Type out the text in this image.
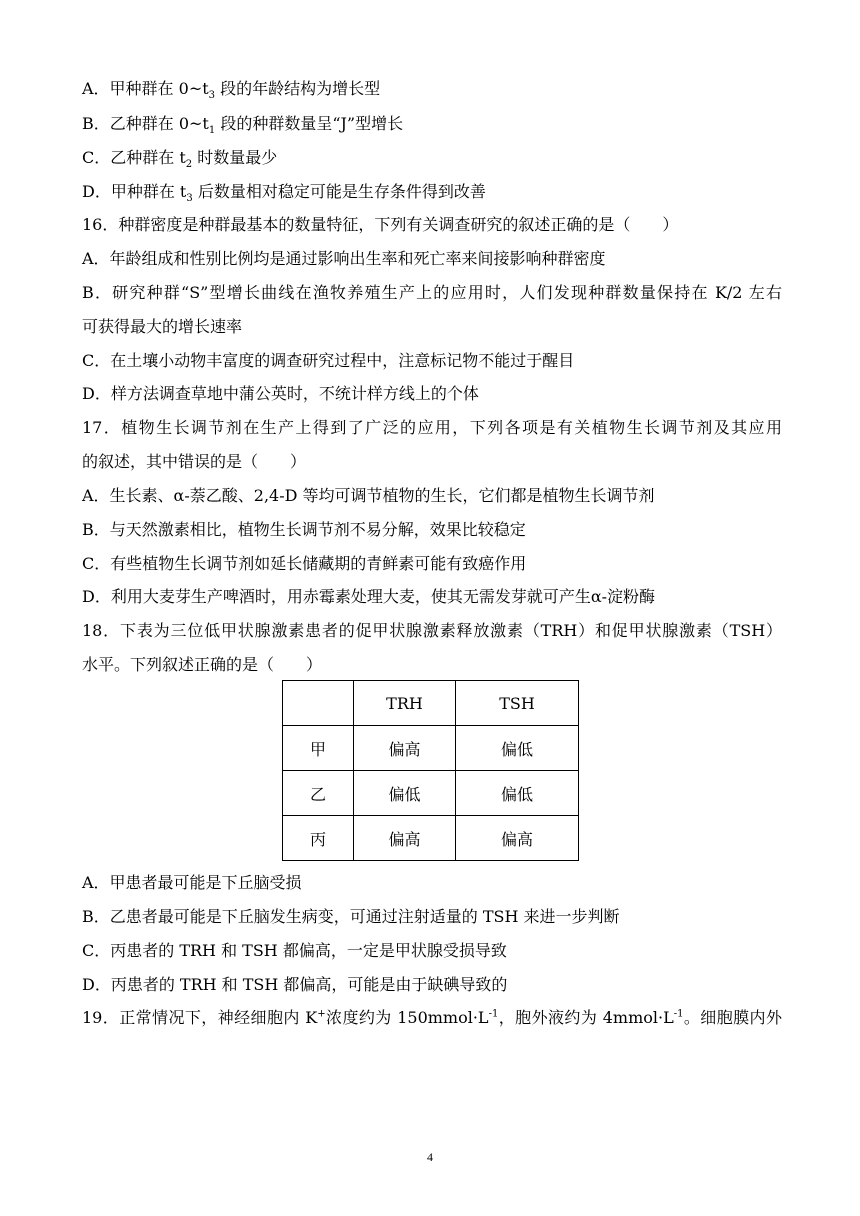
A．甲种群在 $0\sim t_3$ 段的年龄结构为增长型
B．乙种群在 $0\sim t_1$ 段的种群数量呈“J”型增长
C．乙种群在 $t_2$ 时数量最少
D．甲种群在 $t_3$ 后数量相对稳定可能是生存条件得到改善
16．种群密度是种群最基本的数量特征，下列有关调查研究的叙述正确的是（　　）
A．年龄组成和性别比例均是通过影响出生率和死亡率来间接影响种群密度
B．研究种群“S”型增长曲线在渔牧养殖生产上的应用时，人们发现种群数量保持在 K/2 左右
可获得最大的增长速率
C．在土壤小动物丰富度的调查研究过程中，注意标记物不能过于醒目
D．样方法调查草地中蒲公英时，不统计样方线上的个体
17．植物生长调节剂在生产上得到了广泛的应用，下列各项是有关植物生长调节剂及其应用
的叙述，其中错误的是（　　）
A．生长素、α-萘乙酸、2,4-D 等均可调节植物的生长，它们都是植物生长调节剂
B．与天然激素相比，植物生长调节剂不易分解，效果比较稳定
C．有些植物生长调节剂如延长储藏期的青鲜素可能有致癌作用
D．利用大麦芽生产啤酒时，用赤霉素处理大麦，使其无需发芽就可产生α-淀粉酶
18．下表为三位低甲状腺激素患者的促甲状腺激素释放激素（TRH）和促甲状腺激素（TSH）
水平。下列叙述正确的是（　　）
	TRH	TSH
甲	偏高	偏低
乙	偏低	偏低
丙	偏高	偏高
A．甲患者最可能是下丘脑受损
B．乙患者最可能是下丘脑发生病变，可通过注射适量的 TSH 来进一步判断
C．丙患者的 TRH 和 TSH 都偏高，一定是甲状腺受损导致
D．丙患者的 TRH 和 TSH 都偏高，可能是由于缺碘导致的
19．正常情况下，神经细胞内 K+浓度约为 $150mmol\cdot L^{-1}$，胞外液约为 $4mmol\cdot L^{-1}$。细胞膜内外
4
